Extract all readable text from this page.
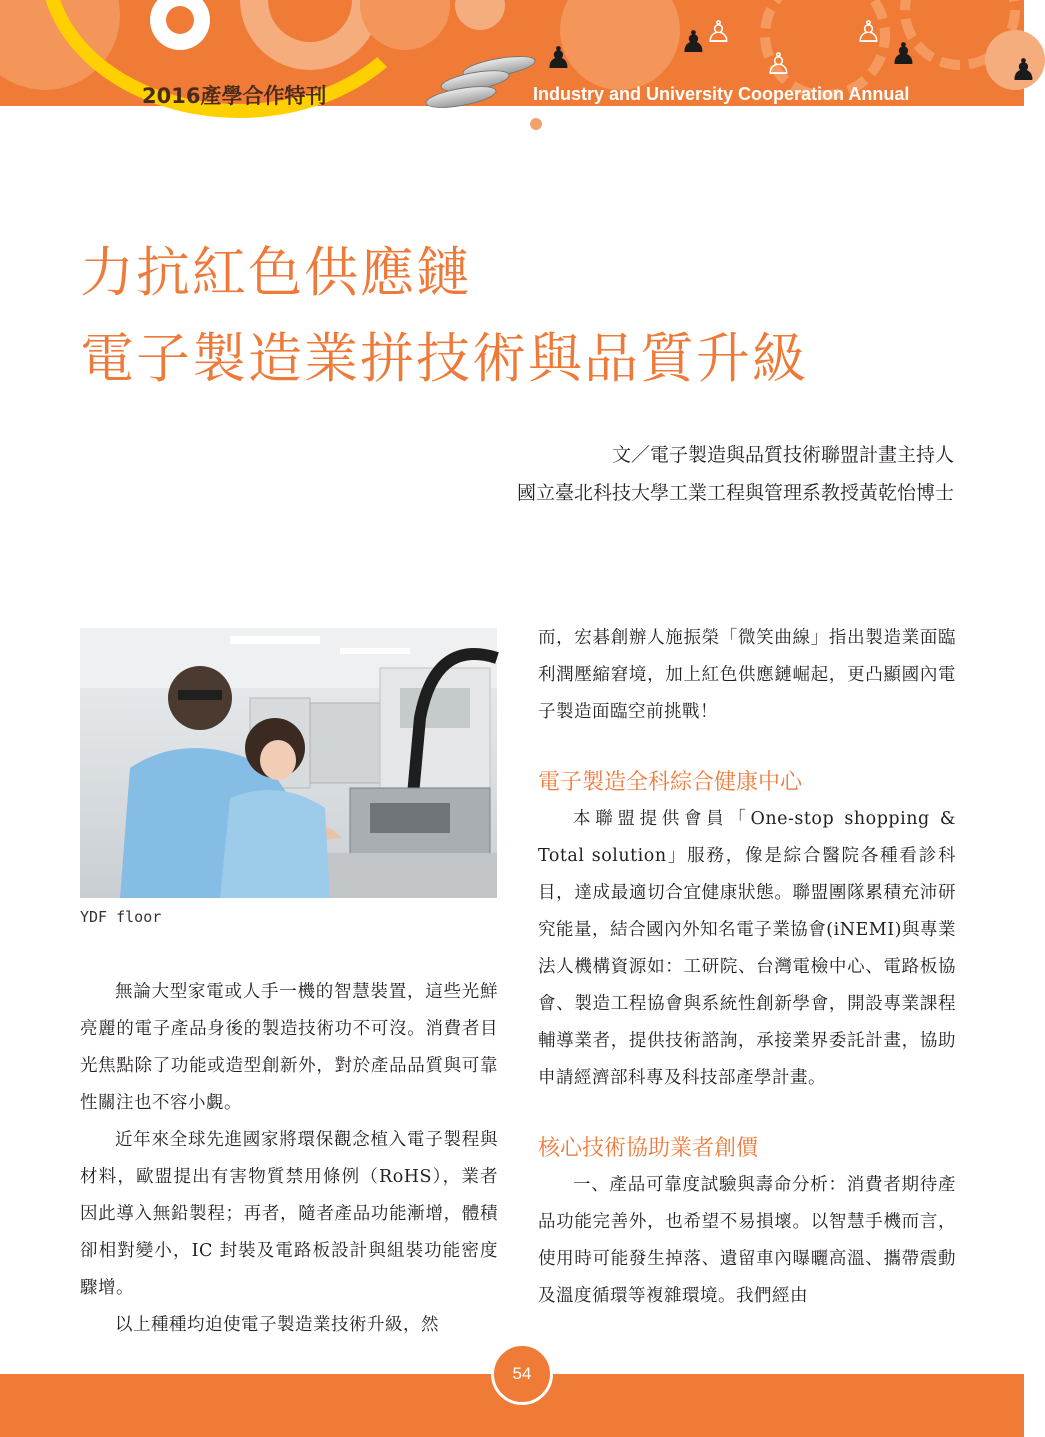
♟	♟
♙
♙
♙
♟	♟
2016產學合作特刊	Industry and University Cooperation Annual
力抗紅色供應鏈
電子製造業拼技術與品質升級
文／電子製造與品質技術聯盟計畫主持人
國立臺北科技大學工業工程與管理系教授黃乾怡博士
YDF floor

無論大型家電或人手一機的智慧裝置，這些光鮮亮麗的電子產品身後的製造技術功不可沒。消費者目光焦點除了功能或造型創新外，對於產品品質與可靠性關注也不容小覷。

近年來全球先進國家將環保觀念植入電子製程與材料，歐盟提出有害物質禁用條例（RoHS），業者因此導入無鉛製程；再者，隨者產品功能漸增，體積卻相對變小，IC 封裝及電路板設計與組裝功能密度驟增。

以上種種均迫使電子製造業技術升級，然

而，宏碁創辦人施振榮「微笑曲線」指出製造業面臨利潤壓縮窘境，加上紅色供應鏈崛起，更凸顯國內電子製造面臨空前挑戰！

電子製造全科綜合健康中心

本聯盟提供會員「One-stop shopping & Total solution」服務，像是綜合醫院各種看診科目，達成最適切合宜健康狀態。聯盟團隊累積充沛研究能量，結合國內外知名電子業協會(iNEMI)與專業法人機構資源如：工研院、台灣電檢中心、電路板協會、製造工程協會與系統性創新學會，開設專業課程輔導業者，提供技術諮詢，承接業界委託計畫，協助申請經濟部科專及科技部產學計畫。

核心技術協助業者創價

一、產品可靠度試驗與壽命分析：消費者期待產品功能完善外，也希望不易損壞。以智慧手機而言，使用時可能發生掉落、遺留車內曝曬高溫、攜帶震動及溫度循環等複雜環境。我們經由

54
